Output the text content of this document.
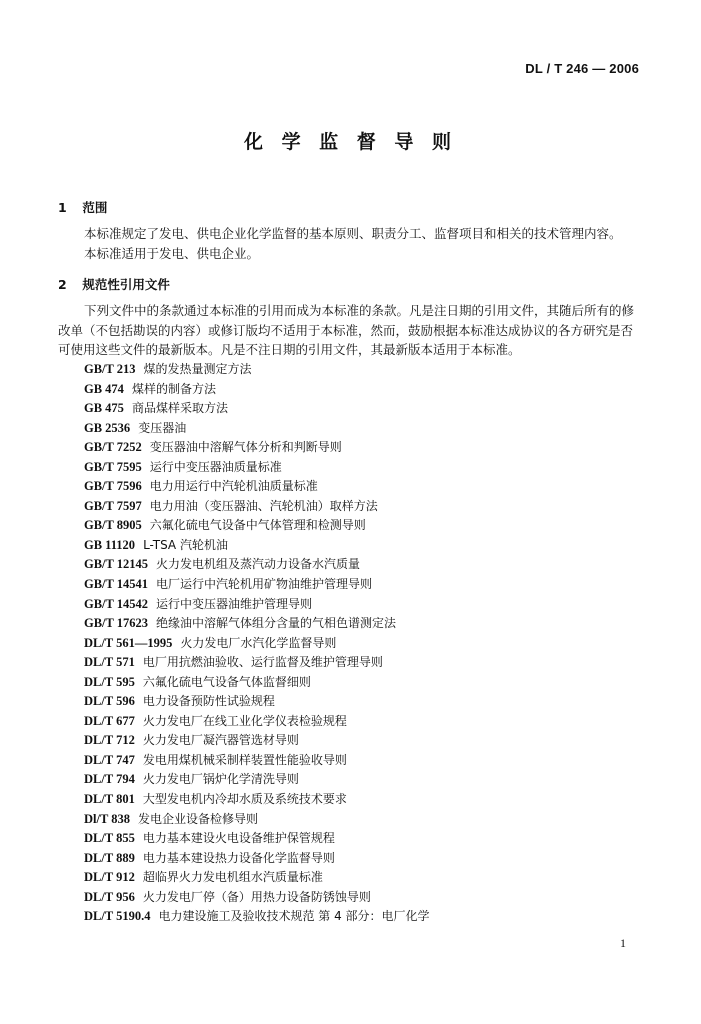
DL / T 246 — 2006
化 学 监 督 导 则
1 范围
本标准规定了发电、供电企业化学监督的基本原则、职责分工、监督项目和相关的技术管理内容。
本标准适用于发电、供电企业。
2 规范性引用文件
下列文件中的条款通过本标准的引用而成为本标准的条款。凡是注日期的引用文件，其随后所有的修改单（不包括勘误的内容）或修订版均不适用于本标准，然而，鼓励根据本标准达成协议的各方研究是否可使用这些文件的最新版本。凡是不注日期的引用文件，其最新版本适用于本标准。
GB/T 213 煤的发热量测定方法
GB 474 煤样的制备方法
GB 475 商品煤样采取方法
GB 2536 变压器油
GB/T 7252 变压器油中溶解气体分析和判断导则
GB/T 7595 运行中变压器油质量标准
GB/T 7596 电力用运行中汽轮机油质量标准
GB/T 7597 电力用油（变压器油、汽轮机油）取样方法
GB/T 8905 六氟化硫电气设备中气体管理和检测导则
GB 11120 L-TSA 汽轮机油
GB/T 12145 火力发电机组及蒸汽动力设备水汽质量
GB/T 14541 电厂运行中汽轮机用矿物油维护管理导则
GB/T 14542 运行中变压器油维护管理导则
GB/T 17623 绝缘油中溶解气体组分含量的气相色谱测定法
DL/T 561—1995 火力发电厂水汽化学监督导则
DL/T 571 电厂用抗燃油验收、运行监督及维护管理导则
DL/T 595 六氟化硫电气设备气体监督细则
DL/T 596 电力设备预防性试验规程
DL/T 677 火力发电厂在线工业化学仪表检验规程
DL/T 712 火力发电厂凝汽器管选材导则
DL/T 747 发电用煤机械采制样装置性能验收导则
DL/T 794 火力发电厂锅炉化学清洗导则
DL/T 801 大型发电机内冷却水质及系统技术要求
Dl/T 838 发电企业设备检修导则
DL/T 855 电力基本建设火电设备维护保管规程
DL/T 889 电力基本建设热力设备化学监督导则
DL/T 912 超临界火力发电机组水汽质量标准
DL/T 956 火力发电厂停（备）用热力设备防锈蚀导则
DL/T 5190.4 电力建设施工及验收技术规范 第 4 部分：电厂化学
1
